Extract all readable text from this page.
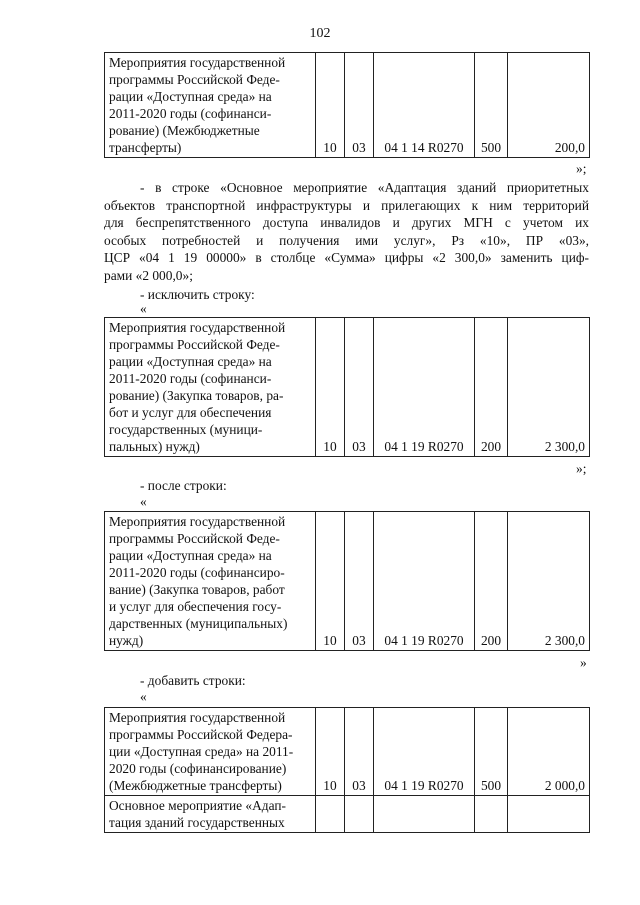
102
Мероприятия государственной
программы Российской Феде-
рации «Доступная среда» на
2011-2020 годы (софинанси-
рование) (Межбюджетные
трансферты)	10	03	04 1 14 R0270	500	200,0
»;
- в строке «Основное мероприятие «Адаптация зданий приоритетных
объектов транспортной инфраструктуры и прилегающих к ним территорий
для беспрепятственного доступа инвалидов и других МГН с учетом их
особых потребностей и получения ими услуг», Рз «10», ПР «03»,
ЦСР «04 1 19 00000» в столбце «Сумма» цифры «2 300,0» заменить циф-
рами «2 000,0»;
- исключить строку:
«
Мероприятия государственной
программы Российской Феде-
рации «Доступная среда» на
2011-2020 годы (софинанси-
рование) (Закупка товаров, ра-
бот и услуг для обеспечения
государственных (муници-
пальных) нужд)	10	03	04 1 19 R0270	200	2 300,0
»;
- после строки:
«
Мероприятия государственной
программы Российской Феде-
рации «Доступная среда» на
2011-2020 годы (софинансиро-
вание) (Закупка товаров, работ
и услуг для обеспечения госу-
дарственных (муниципальных)
нужд)	10	03	04 1 19 R0270	200	2 300,0
»
- добавить строки:
«
Мероприятия государственной
программы Российской Федера-
ции «Доступная среда» на 2011-
2020 годы (софинансирование)
(Межбюджетные трансферты)	10	03	04 1 19 R0270	500	2 000,0

Основное мероприятие «Адап-
тация зданий государственных					
